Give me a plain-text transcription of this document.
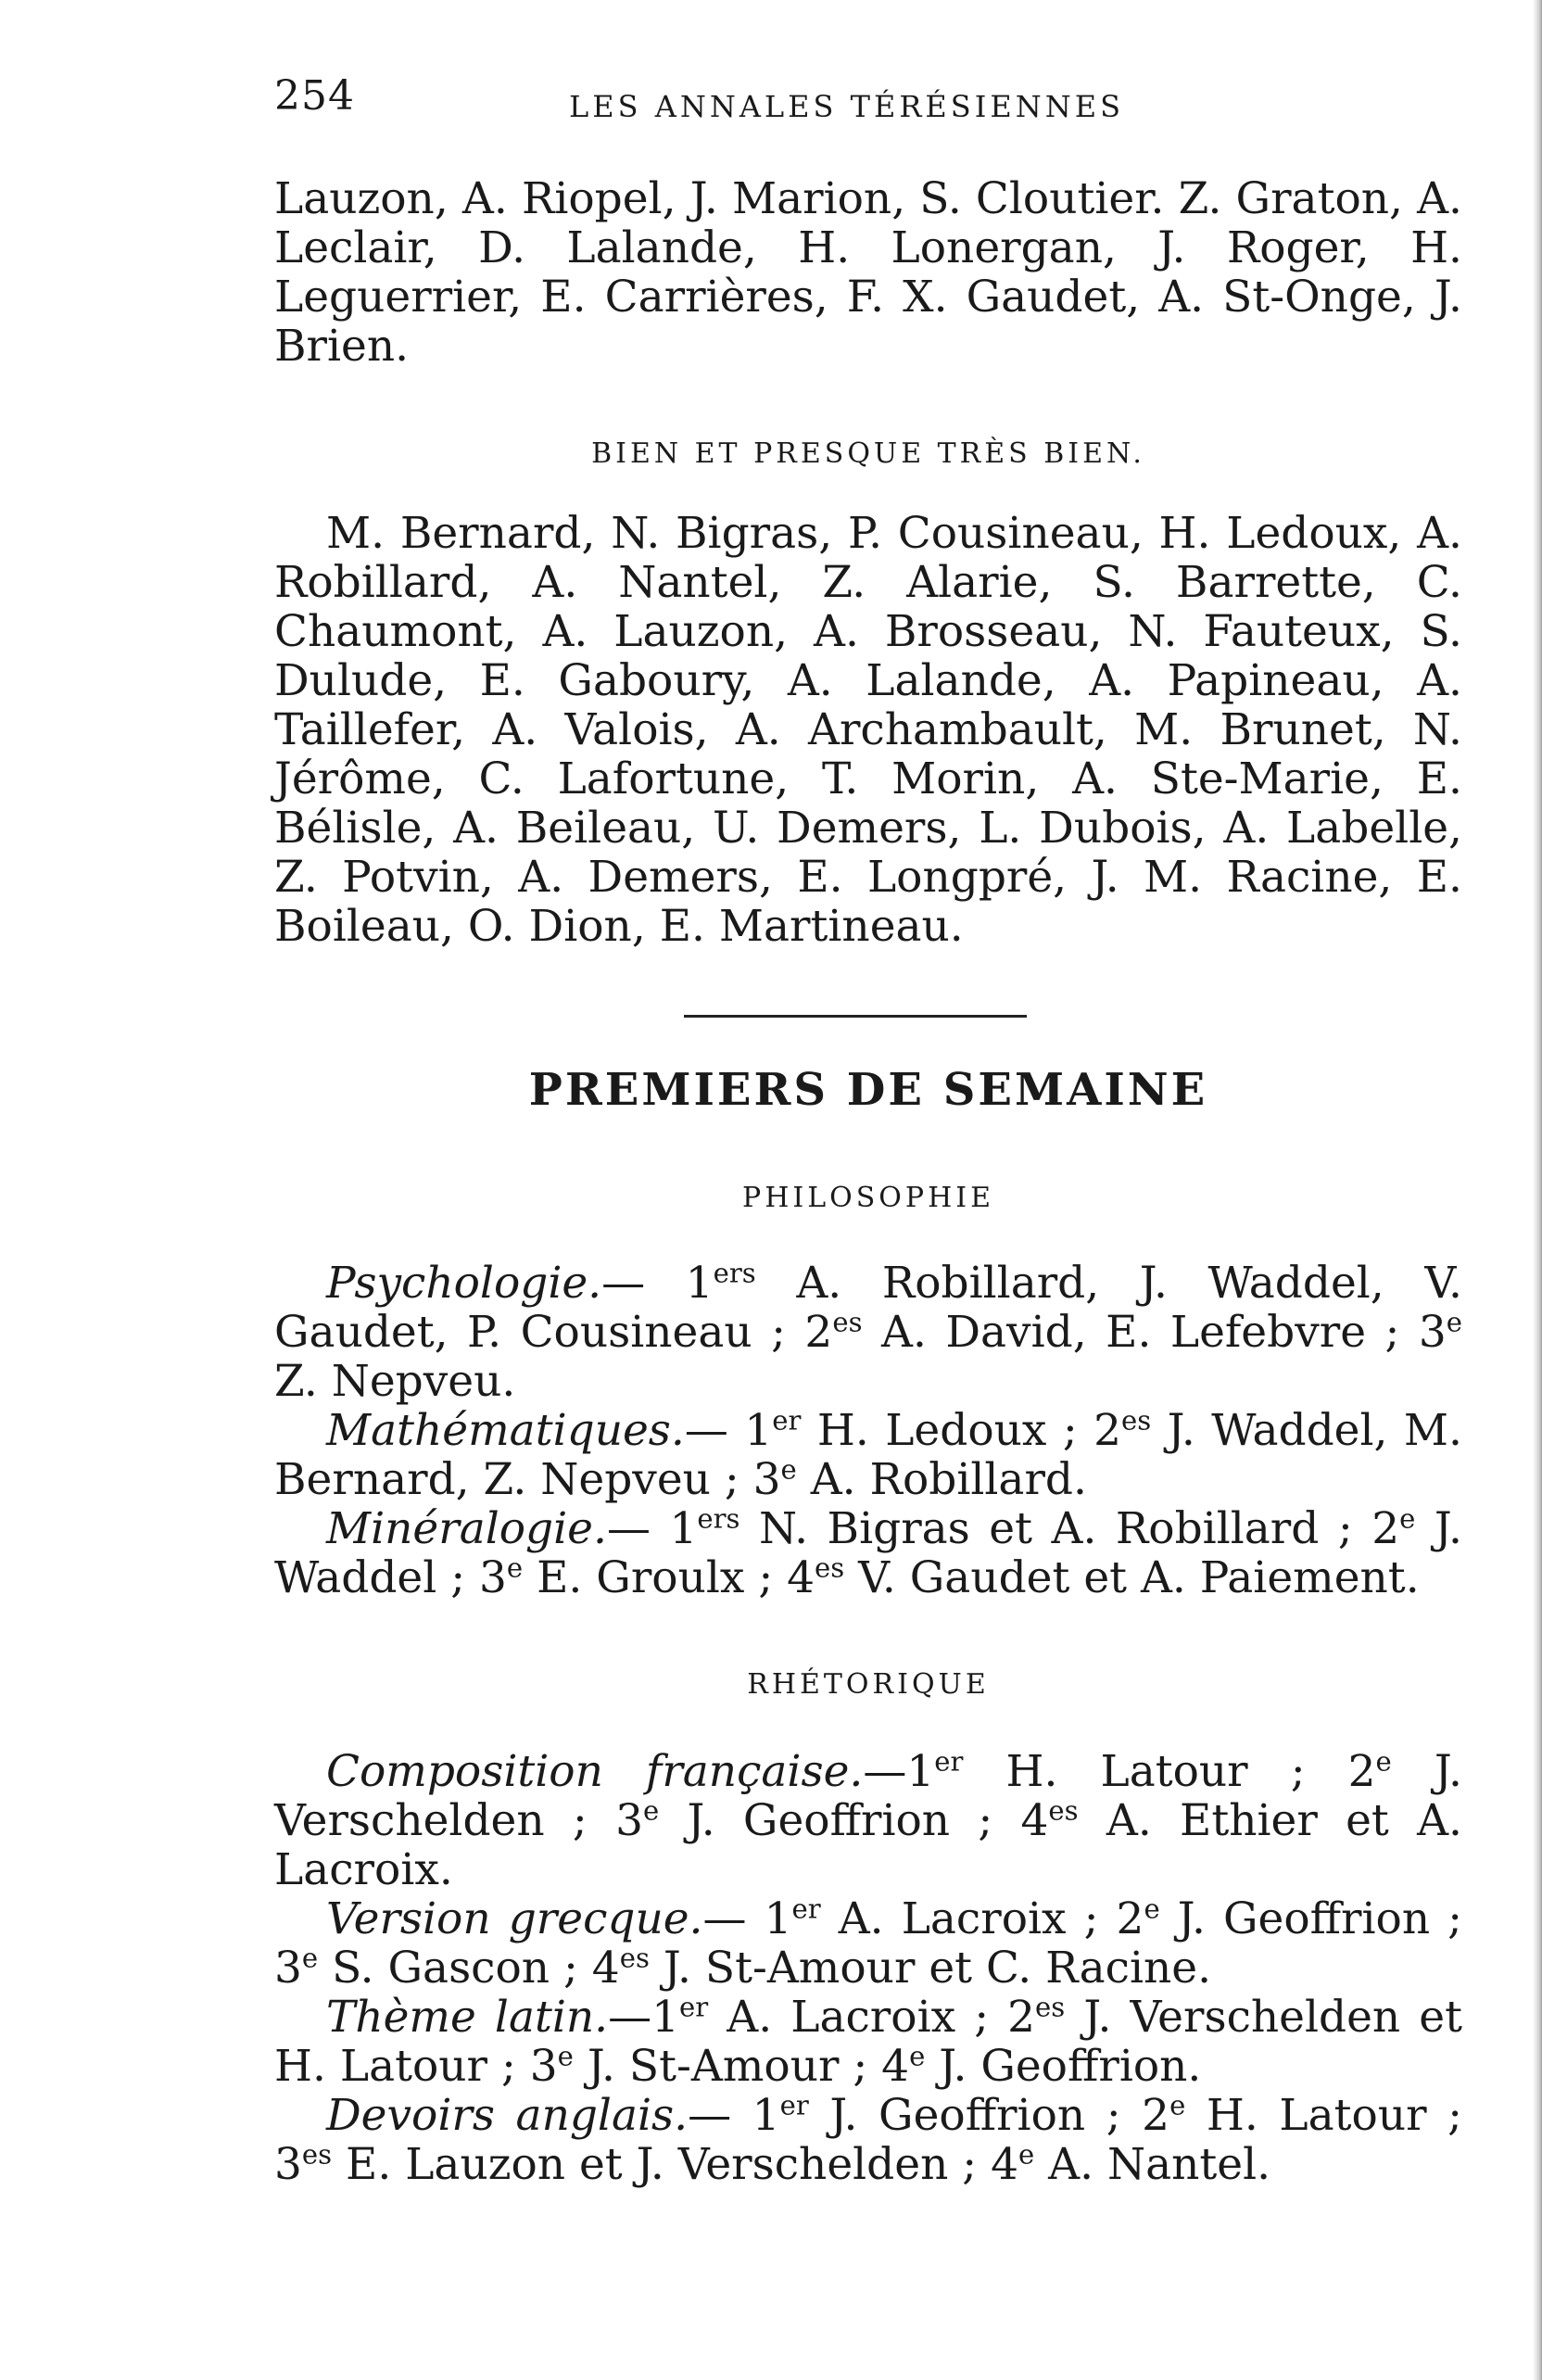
254	LES ANNALES TÉRÉSIENNES
Lauzon, A. Riopel, J. Marion, S. Cloutier. Z. Graton, A. Leclair, D. Lalande, H. Lonergan, J. Roger, H. Leguerrier, E. Carrières, F. X. Gaudet, A. St-Onge, J. Brien.
BIEN ET PRESQUE TRÈS BIEN.
M. Bernard, N. Bigras, P. Cousineau, H. Ledoux, A. Robillard, A. Nantel, Z. Alarie, S. Barrette, C. Chaumont, A. Lauzon, A. Brosseau, N. Fauteux, S. Dulude, E. Gaboury, A. Lalande, A. Papineau, A. Taillefer, A. Valois, A. Archambault, M. Brunet, N. Jérôme, C. Lafortune, T. Morin, A. Ste-Marie, E. Bélisle, A. Beileau, U. Demers, L. Dubois, A. Labelle, Z. Potvin, A. Demers, E. Longpré, J. M. Racine, E. Boileau, O. Dion, E. Martineau.
PREMIERS DE SEMAINE
PHILOSOPHIE
Psychologie.— 1ers A. Robillard, J. Waddel, V. Gaudet, P. Cousineau ; $2^{es}$ A. David, E. Lefebvre ; 3e Z. Nepveu.
Mathématiques.— 1er H. Ledoux ; $2^{es}$ J. Waddel, M. Bernard, Z. Nepveu ; 3e A. Robillard.
Minéralogie.— 1ers N. Bigras et A. Robillard ; 2e J. Waddel ; 3e E. Groulx ; $4^{es}$ V. Gaudet et A. Paiement.
RHÉTORIQUE
Composition française.—1er H. Latour ; 2e J. Verschelden ; 3e J. Geoffrion ; $4^{es}$ A. Ethier et A. Lacroix.
Version grecque.— 1er A. Lacroix ; 2e J. Geoffrion ; 3e S. Gascon ; $4^{es}$ J. St-Amour et C. Racine.
Thème latin.—1er A. Lacroix ; $2^{es}$ J. Verschelden et H. Latour ; 3e J. St-Amour ; 4e J. Geoffrion.
Devoirs anglais.— 1er J. Geoffrion ; 2e H. Latour ; $3^{es}$ E. Lauzon et J. Verschelden ; 4e A. Nantel.
